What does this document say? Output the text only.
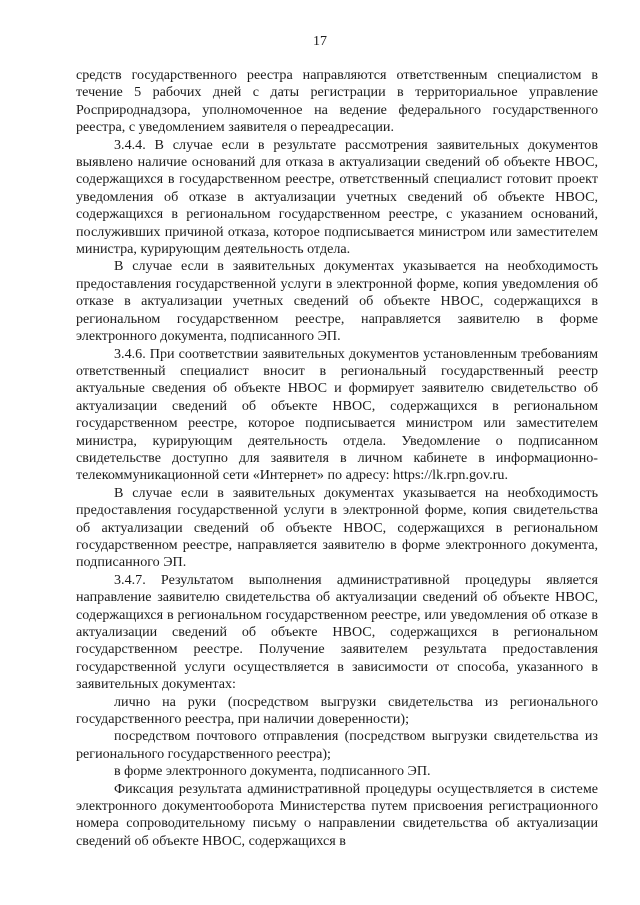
17

средств государственного реестра направляются ответственным специалистом в течение 5 рабочих дней с даты регистрации в территориальное управление Росприроднадзора, уполномоченное на ведение федерального государственного реестра, с уведомлением заявителя о переадресации.

3.4.4. В случае если в результате рассмотрения заявительных документов выявлено наличие оснований для отказа в актуализации сведений об объекте НВОС, содержащихся в государственном реестре, ответственный специалист готовит проект уведомления об отказе в актуализации учетных сведений об объекте НВОС, содержащихся в региональном государственном реестре, с указанием оснований, послуживших причиной отказа, которое подписывается министром или заместителем министра, курирующим деятельность отдела.

В случае если в заявительных документах указывается на необходимость предоставления государственной услуги в электронной форме, копия уведомления об отказе в актуализации учетных сведений об объекте НВОС, содержащихся в региональном государственном реестре, направляется заявителю в форме электронного документа, подписанного ЭП.

3.4.6. При соответствии заявительных документов установленным требованиям ответственный специалист вносит в региональный государственный реестр актуальные сведения об объекте НВОС и формирует заявителю свидетельство об актуализации сведений об объекте НВОС, содержащихся в региональном государственном реестре, которое подписывается министром или заместителем министра, курирующим деятельность отдела. Уведомление о подписанном свидетельстве доступно для заявителя в личном кабинете в информационно-телекоммуникационной сети «Интернет» по адресу: https://lk.rpn.gov.ru.

В случае если в заявительных документах указывается на необходимость предоставления государственной услуги в электронной форме, копия свидетельства об актуализации сведений об объекте НВОС, содержащихся в региональном государственном реестре, направляется заявителю в форме электронного документа, подписанного ЭП.

3.4.7. Результатом выполнения административной процедуры является направление заявителю свидетельства об актуализации сведений об объекте НВОС, содержащихся в региональном государственном реестре, или уведомления об отказе в актуализации сведений об объекте НВОС, содержащихся в региональном государственном реестре. Получение заявителем результата предоставления государственной услуги осуществляется в зависимости от способа, указанного в заявительных документах:

лично на руки (посредством выгрузки свидетельства из регионального государственного реестра, при наличии доверенности);

посредством почтового отправления (посредством выгрузки свидетельства из регионального государственного реестра);

в форме электронного документа, подписанного ЭП.

Фиксация результата административной процедуры осуществляется в системе электронного документооборота Министерства путем присвоения регистрационного номера сопроводительному письму о направлении свидетельства об актуализации сведений об объекте НВОС, содержащихся в
